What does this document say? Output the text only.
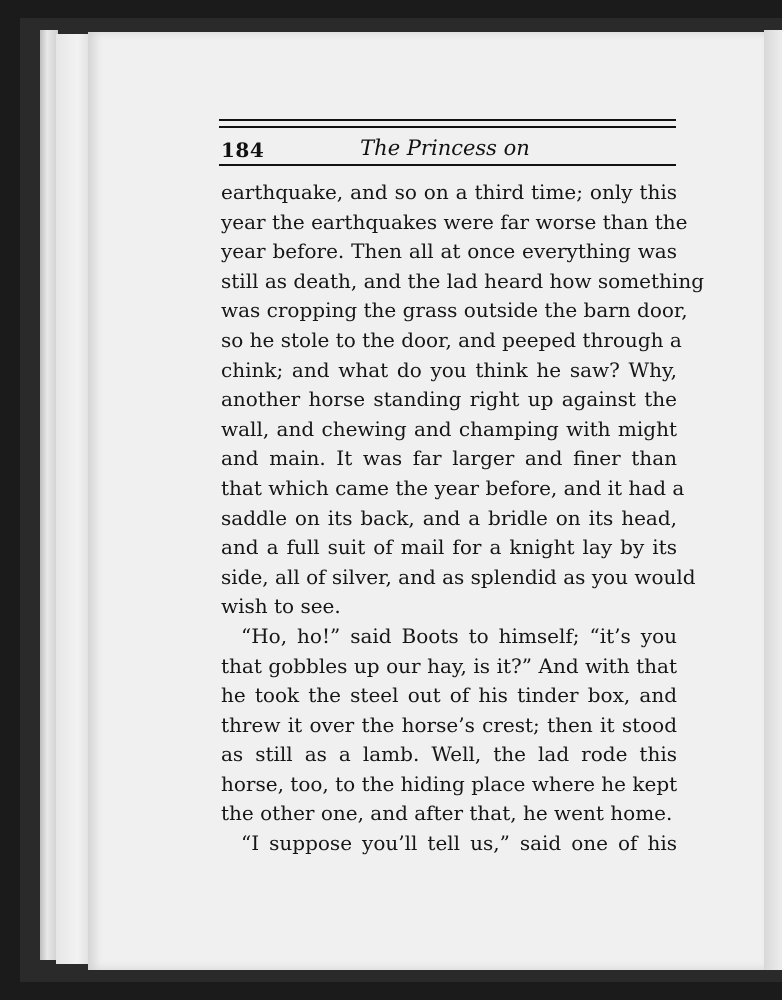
184	The Princess on
earthquake, and so on a third time; only this
year the earthquakes were far worse than the
year before. Then all at once everything was
still as death, and the lad heard how something
was cropping the grass outside the barn door,
so he stole to the door, and peeped through a
chink; and what do you think he saw? Why,
another horse standing right up against the
wall, and chewing and champing with might
and main. It was far larger and finer than
that which came the year before, and it had a
saddle on its back, and a bridle on its head,
and a full suit of mail for a knight lay by its
side, all of silver, and as splendid as you would
wish to see.
“Ho, ho!” said Boots to himself; “it’s you
that gobbles up our hay, is it?” And with that
he took the steel out of his tinder box, and
threw it over the horse’s crest; then it stood
as still as a lamb. Well, the lad rode this
horse, too, to the hiding place where he kept
the other one, and after that, he went home.
“I suppose you’ll tell us,” said one of his
